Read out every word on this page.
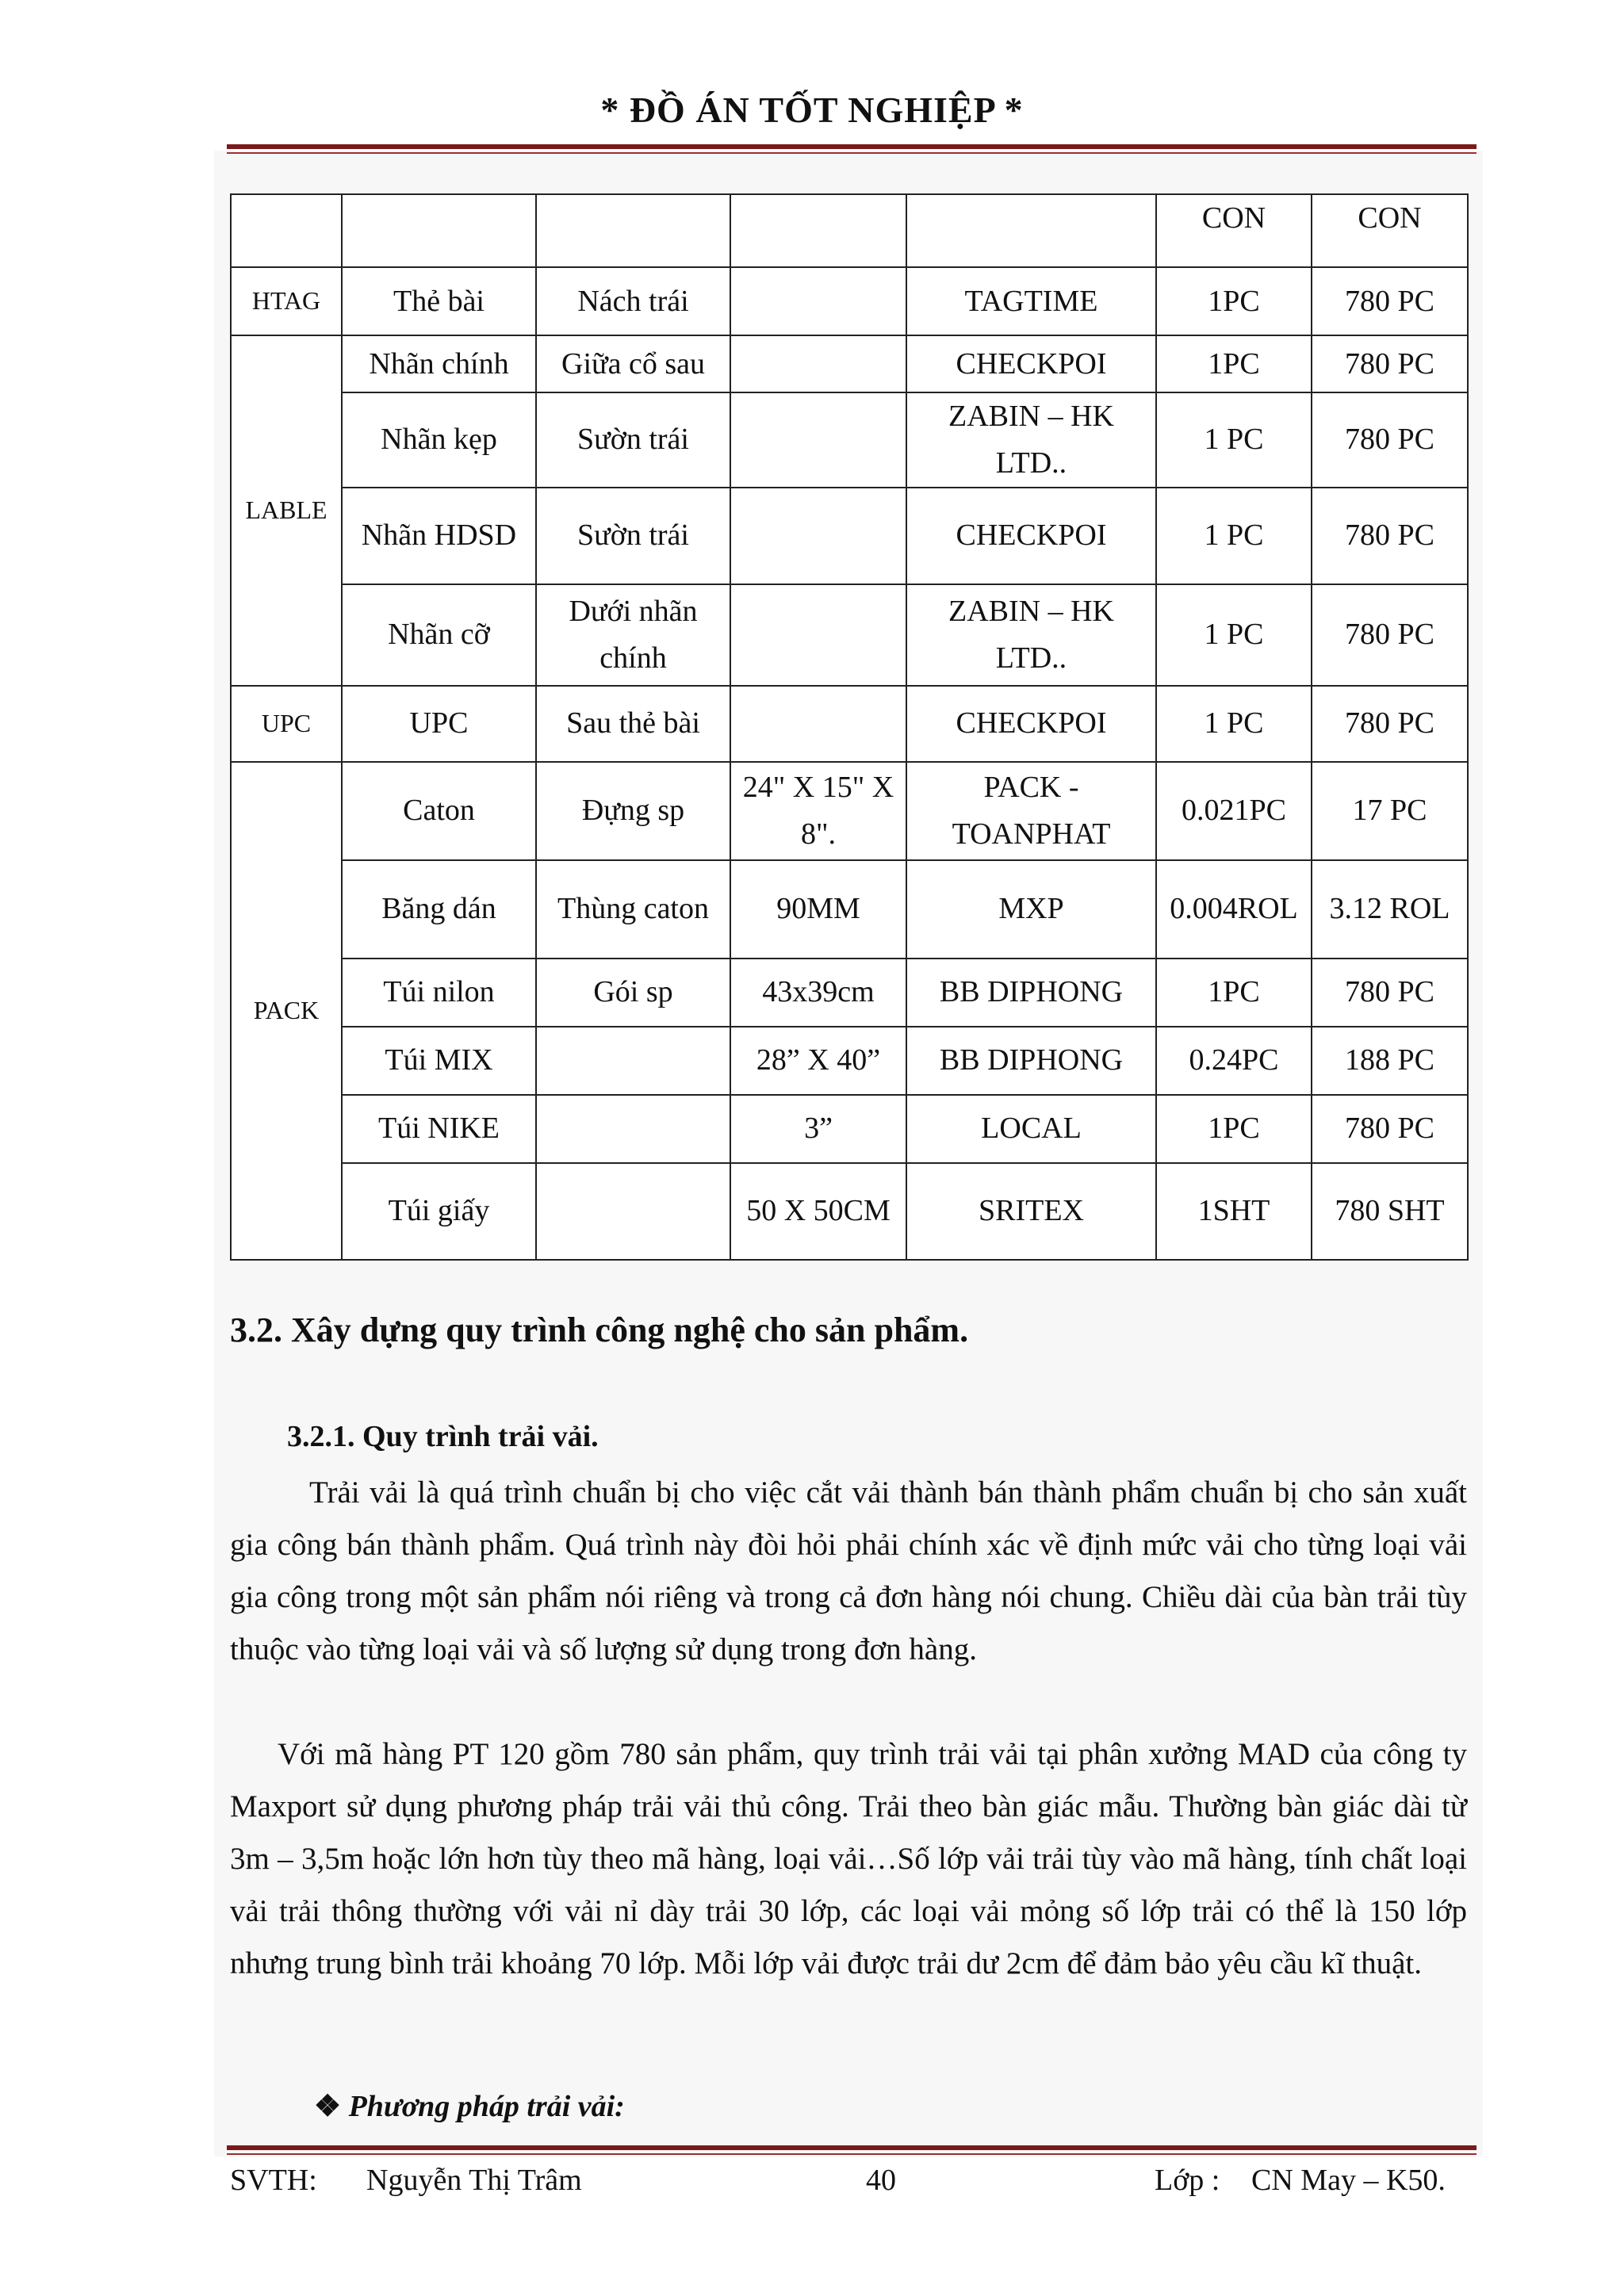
* ĐỒ ÁN TỐT NGHIỆP *
					CON	CON
HTAG	Thẻ bài	Nách trái		TAGTIME	1PC	780 PC
LABLE	Nhãn chính	Giữa cổ sau		CHECKPOI	1PC	780 PC
	Nhãn kẹp	Sườn trái		ZABIN – HK LTD..	1 PC	780 PC
	Nhãn HDSD	Sườn trái		CHECKPOI	1 PC	780 PC
	Nhãn cỡ	Dưới nhãn chính		ZABIN – HK LTD..	1 PC	780 PC
UPC	UPC	Sau thẻ bài		CHECKPOI	1 PC	780 PC
PACK	Caton	Đựng sp	24" X 15" X 8".	PACK - TOANPHAT	0.021PC	17 PC
	Băng dán	Thùng caton	90MM	MXP	0.004ROL	3.12 ROL
	Túi nilon	Gói sp	43x39cm	BB DIPHONG	1PC	780 PC
	Túi MIX		28” X 40”	BB DIPHONG	0.24PC	188 PC
	Túi NIKE		3”	LOCAL	1PC	780 PC
	Túi giấy		50 X 50CM	SRITEX	1SHT	780 SHT
3.2. Xây dựng quy trình công nghệ cho sản phẩm.
3.2.1. Quy trình trải vải.

Trải vải là quá trình chuẩn bị cho việc cắt vải thành bán thành phẩm chuẩn bị cho sản xuất gia công bán thành phẩm. Quá trình này đòi hỏi phải chính xác về định mức vải cho từng loại vải gia công trong một sản phẩm nói riêng và trong cả đơn hàng nói chung. Chiều dài của bàn trải tùy thuộc vào từng loại vải và số lượng sử dụng trong đơn hàng.

Với mã hàng PT 120 gồm 780 sản phẩm, quy trình trải vải tại phân xưởng MAD của công ty Maxport sử dụng phương pháp trải vải thủ công. Trải theo bàn giác mẫu. Thường bàn giác dài từ 3m – 3,5m hoặc lớn hơn tùy theo mã hàng, loại vải…Số lớp vải trải tùy vào mã hàng, tính chất loại vải trải thông thường với vải nỉ dày trải 30 lớp, các loại vải mỏng số lớp trải có thể là 150 lớp nhưng trung bình trải khoảng 70 lớp. Mỗi lớp vải được trải dư 2cm để đảm bảo yêu cầu kĩ thuật.

❖ Phương pháp trải vải:
SVTH: Nguyễn Thị Trâm	40	Lớp : CN May – K50.
